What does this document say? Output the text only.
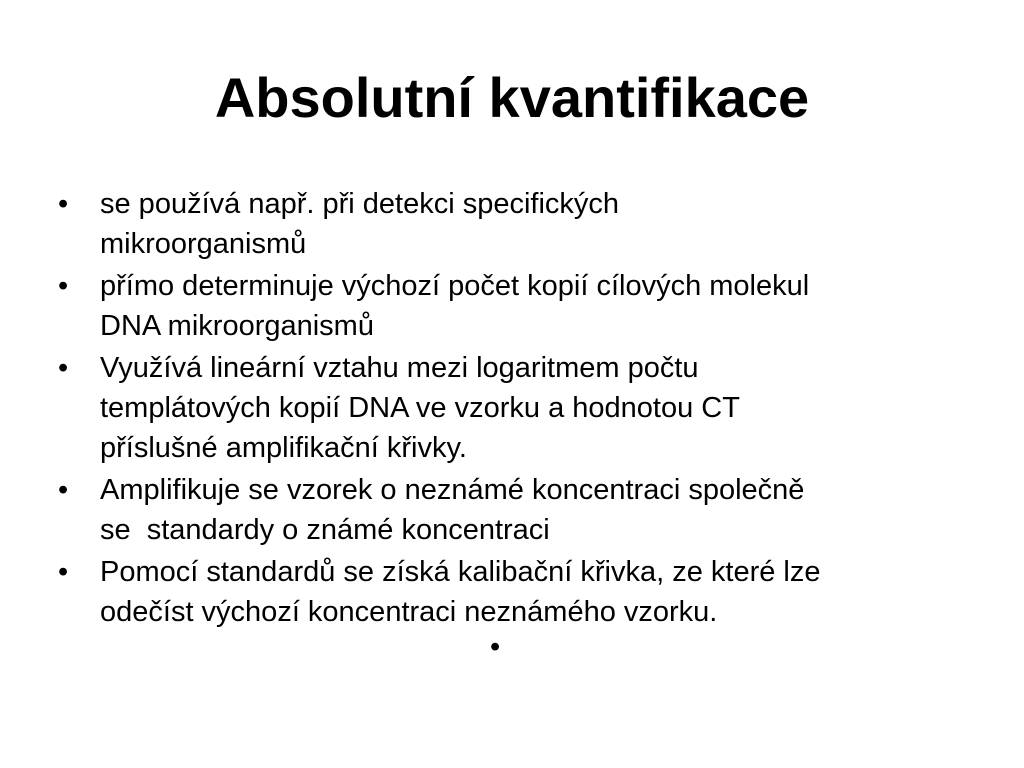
Absolutní kvantifikace
•	se používá např. při detekci specifických
mikroorganismů
•	přímo determinuje výchozí počet kopií cílových molekul
DNA mikroorganismů
•	Využívá lineární vztahu mezi logaritmem počtu
templátových kopií DNA ve vzorku a hodnotou CT
příslušné amplifikační křivky.
•	Amplifikuje se vzorek o neznámé koncentraci společně
se  standardy o známé koncentraci
•	Pomocí standardů se získá kalibační křivka, ze které lze
odečíst výchozí koncentraci neznámého vzorku.
•
